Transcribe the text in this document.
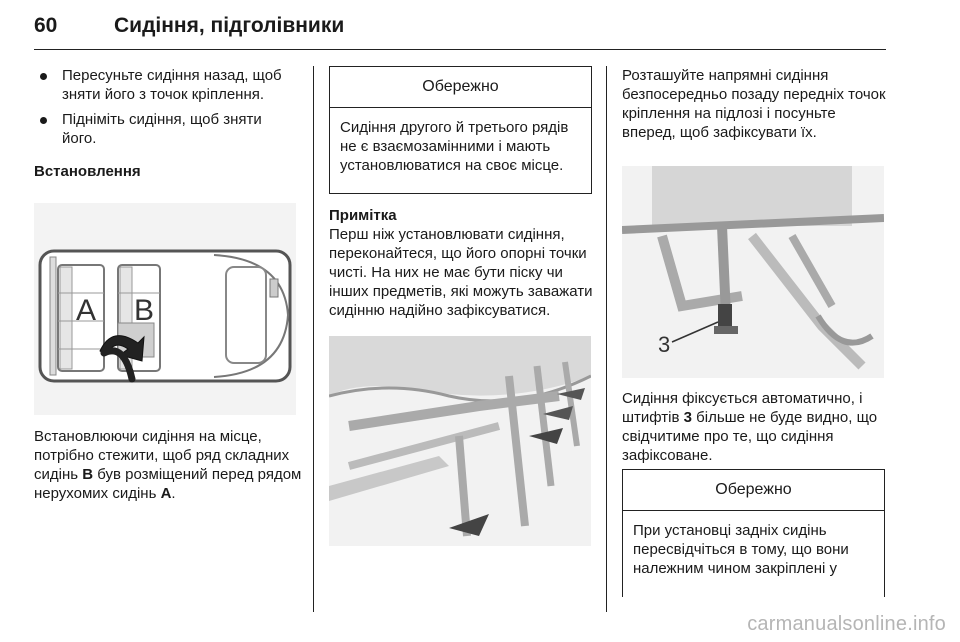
60	Сидіння, підголівники
Пересуньте сидіння назад, щоб зняти його з точок кріплення.
Підніміть сидіння, щоб зняти його.

Встановлення

A B

Встановлюючи сидіння на місце, потрібно стежити, щоб ряд складних сидінь B був розміщений перед рядом нерухомих сидінь A.

Обережно
Сидіння другого й третього рядів не є взаємозамінними і мають установлюватися на своє місце.

Примітка

Перш ніж установлювати сидіння, переконайтеся, що його опорні точки чисті. На них не має бути піску чи інших предметів, які можуть заважати сидінню надійно зафіксуватися.

Розташуйте напрямні сидіння безпосередньо позаду передніх точок кріплення на підлозі і посуньте вперед, щоб зафіксувати їх.

3

Сидіння фіксується автоматично, і штифтів 3 більше не буде видно, що свідчитиме про те, що сидіння зафіксоване.

Обережно
При установці задніх сидінь пересвідчіться в тому, що вони належним чином закріплені у
carmanualsonline.info
